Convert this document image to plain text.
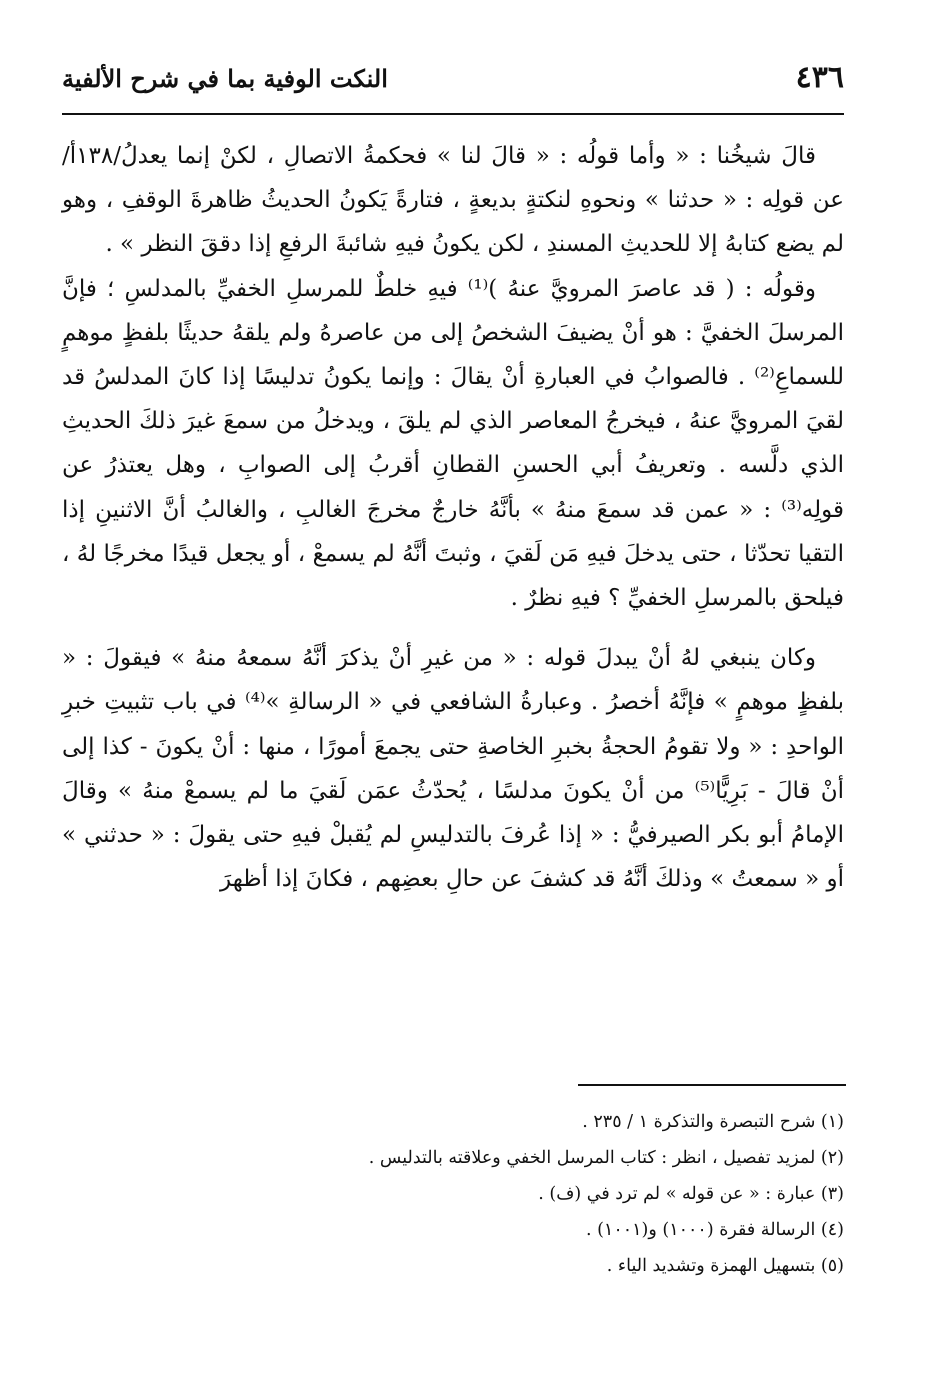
٤٣٦
النكت الوفية بما في شرح الألفية

قالَ شيخُنا : « وأما قولُه : « قالَ لنا » فحكمةُ الاتصالِ ، لكنْ إنما يعدلُ/١٣٨أ/ عن قولِه : « حدثنا » ونحوهِ لنكتةٍ بديعةٍ ، فتارةً يَكونُ الحديثُ ظاهرةَ الوقفِ ، وهو لم يضع كتابهُ إلا للحديثِ المسندِ ، لكن يكونُ فيهِ شائبةَ الرفعِ إذا دققَ النظر » .

وقولُه : ( قد عاصرَ المرويَّ عنهُ )⁽¹⁾ فيهِ خلطٌ للمرسلِ الخفيِّ بالمدلسِ ؛ فإنَّ المرسلَ الخفيَّ : هو أنْ يضيفَ الشخصُ إلى من عاصرهُ ولم يلقهُ حديثًا بلفظٍ موهمٍ للسماعِ⁽²⁾ . فالصوابُ في العبارةِ أنْ يقالَ : وإنما يكونُ تدليسًا إذا كانَ المدلسُ قد لقيَ المرويَّ عنهُ ، فيخرجُ المعاصر الذي لم يلقَ ، ويدخلُ من سمعَ غيرَ ذلكَ الحديثِ الذي دلَّسه . وتعريفُ أبي الحسنِ القطانِ أقربُ إلى الصوابِ ، وهل يعتذرُ عن قولِه⁽³⁾ : « عمن قد سمعَ منهُ » بأنَّهُ خارجٌ مخرجَ الغالبِ ، والغالبُ أنَّ الاثنينِ إذا التقيا تحدّثا ، حتى يدخلَ فيهِ مَن لَقيَ ، وثبتَ أنَّهُ لم يسمعْ ، أو يجعل قيدًا مخرجًا لهُ ، فيلحق بالمرسلِ الخفيِّ ؟ فيهِ نظرٌ .

وكان ينبغي لهُ أنْ يبدلَ قوله : « من غيرِ أنْ يذكرَ أنَّهُ سمعهُ منهُ » فيقولَ : « بلفظٍ موهمٍ » فإنَّهُ أخصرُ . وعبارةُ الشافعي في « الرسالةِ »⁽⁴⁾ في باب تثبيتِ خبرِ الواحدِ : « ولا تقومُ الحجةُ بخبرِ الخاصةِ حتى يجمعَ أمورًا ، منها : أنْ يكونَ - كذا إلى أنْ قالَ - بَرِيًّا⁽⁵⁾ من أنْ يكونَ مدلسًا ، يُحدّثُ عمَن لَقيَ ما لم يسمعْ منهُ » وقالَ الإمامُ أبو بكر الصيرفيُّ : « إذا عُرفَ بالتدليسِ لم يُقبلْ فيهِ حتى يقولَ : « حدثني » أو « سمعتُ » وذلكَ أنَّهُ قد كشفَ عن حالِ بعضِهم ، فكانَ إذا أظهرَ

(١) شرح التبصرة والتذكرة ١ / ٢٣٥ .

(٢) لمزيد تفصيل ، انظر : كتاب المرسل الخفي وعلاقته بالتدليس .

(٣) عبارة : « عن قوله » لم ترد في (ف) .

(٤) الرسالة فقرة (١٠٠٠) و(١٠٠١) .

(٥) بتسهيل الهمزة وتشديد الياء .
